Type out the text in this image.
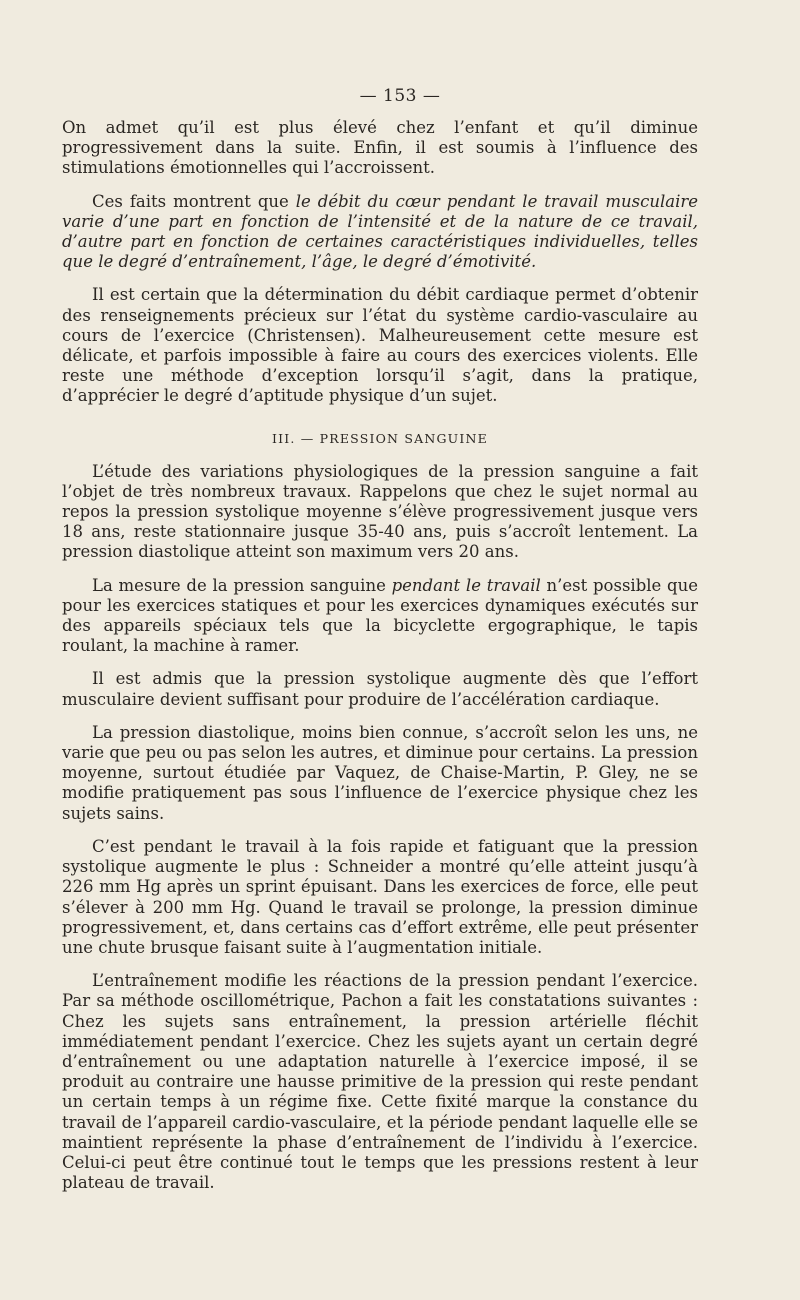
— 153 —

On admet qu’il est plus élevé chez l’enfant et qu’il diminue progressivement dans la suite. Enfin, il est soumis à l’influence des stimulations émotionnelles qui l’accroissent.

Ces faits montrent que le débit du cœur pendant le travail musculaire varie d’une part en fonction de l’intensité et de la nature de ce travail, d’autre part en fonction de certaines caractéristiques individuelles, telles que le degré d’entraînement, l’âge, le degré d’émotivité.

Il est certain que la détermination du débit cardiaque permet d’obtenir des renseignements précieux sur l’état du système cardio-vasculaire au cours de l’exercice (Christensen). Malheureusement cette mesure est délicate, et parfois impossible à faire au cours des exercices violents. Elle reste une méthode d’exception lorsqu’il s’agit, dans la pratique, d’apprécier le degré d’aptitude physique d’un sujet.

III. — PRESSION SANGUINE

L’étude des variations physiologiques de la pression sanguine a fait l’objet de très nombreux travaux. Rappelons que chez le sujet normal au repos la pression systolique moyenne s’élève progressivement jusque vers 18 ans, reste stationnaire jusque 35-40 ans, puis s’accroît lentement. La pression diastolique atteint son maximum vers 20 ans.

La mesure de la pression sanguine pendant le travail n’est possible que pour les exercices statiques et pour les exercices dynamiques exécutés sur des appareils spéciaux tels que la bicyclette ergographique, le tapis roulant, la machine à ramer.

Il est admis que la pression systolique augmente dès que l’effort musculaire devient suffisant pour produire de l’accélération cardiaque.

La pression diastolique, moins bien connue, s’accroît selon les uns, ne varie que peu ou pas selon les autres, et diminue pour certains. La pression moyenne, surtout étudiée par Vaquez, de Chaise-Martin, P. Gley, ne se modifie pratiquement pas sous l’influence de l’exercice physique chez les sujets sains.

C’est pendant le travail à la fois rapide et fatiguant que la pression systolique augmente le plus : Schneider a montré qu’elle atteint jusqu’à 226 mm Hg après un sprint épuisant. Dans les exercices de force, elle peut s’élever à 200 mm Hg. Quand le travail se prolonge, la pression diminue progressivement, et, dans certains cas d’effort extrême, elle peut présenter une chute brusque faisant suite à l’augmentation initiale.

L’entraînement modifie les réactions de la pression pendant l’exercice. Par sa méthode oscillométrique, Pachon a fait les constatations suivantes : Chez les sujets sans entraînement, la pression artérielle fléchit immédiatement pendant l’exercice. Chez les sujets ayant un certain degré d’entraînement ou une adaptation naturelle à l’exercice imposé, il se produit au contraire une hausse primitive de la pression qui reste pendant un certain temps à un régime fixe. Cette fixité marque la constance du travail de l’appareil cardio-vasculaire, et la période pendant laquelle elle se maintient représente la phase d’entraînement de l’individu à l’exercice. Celui-ci peut être continué tout le temps que les pressions restent à leur plateau de travail.
